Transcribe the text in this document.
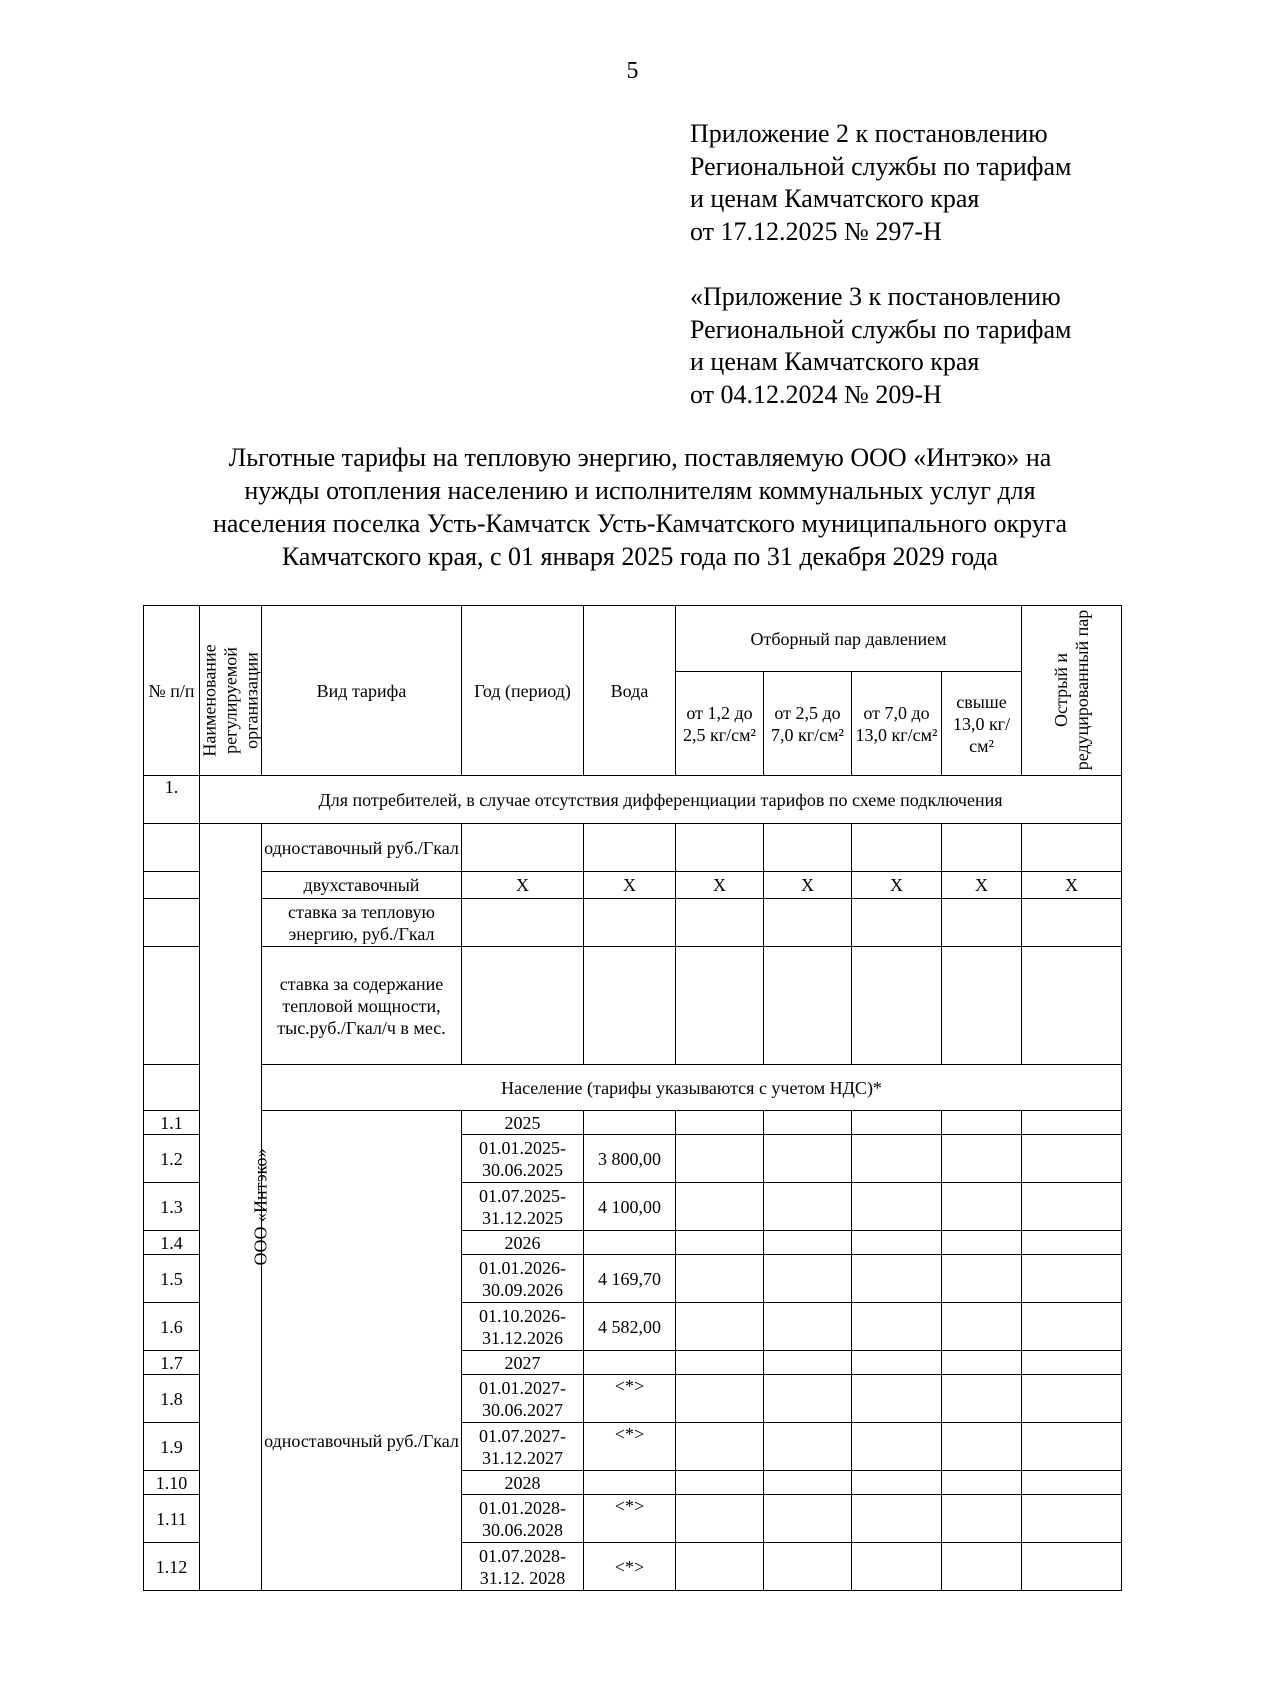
5
Приложение 2 к постановлению
Региональной службы по тарифам
и ценам Камчатского края
от 17.12.2025 № 297-Н
«Приложение 3 к постановлению
Региональной службы по тарифам
и ценам Камчатского края
от 04.12.2024 № 209-Н
Льготные тарифы на тепловую энергию, поставляемую ООО «Интэко» на
нужды отопления населению и исполнителям коммунальных услуг для
населения поселка Усть-Камчатск Усть-Камчатского муниципального округа
Камчатского края, с 01 января 2025 года по 31 декабря 2029 года
№ п/п	Наименование регулируемой организации	Вид тарифа	Год (период)	Вода	Отборный пар давлением				Острый и редуцированный пар

					от 1,2 до 2,5 кг/см²	от 2,5 до 7,0 кг/см²	от 7,0 до 13,0 кг/см²	свыше 13,0 кг/см²	
1.	Для потребителей, в случае отсутствия дифференциации тарифов по схеме подключения								
	ООО «Интэко»	одноставочный руб./Гкал							
		двухставочный	Х	Х	Х	Х	Х	Х	Х
		ставка за тепловую энергию, руб./Гкал							
		ставка за содержание тепловой мощности, тыс.руб./Гкал/ч в мес.							
		Население (тарифы указываются с учетом НДС)*							
1.1		одноставочный руб./Гкал	2025						
1.2			01.01.2025-30.06.2025	3 800,00					
1.3			01.07.2025-31.12.2025	4 100,00					
1.4			2026						
1.5			01.01.2026-30.09.2026	4 169,70					
1.6			01.10.2026-31.12.2026	4 582,00					
1.7			2027						
1.8			01.01.2027-30.06.2027	<*>					
1.9			01.07.2027-31.12.2027	<*>					
1.10			2028						
1.11			01.01.2028-30.06.2028	<*>					
1.12			01.07.2028-31.12. 2028	<*>					
